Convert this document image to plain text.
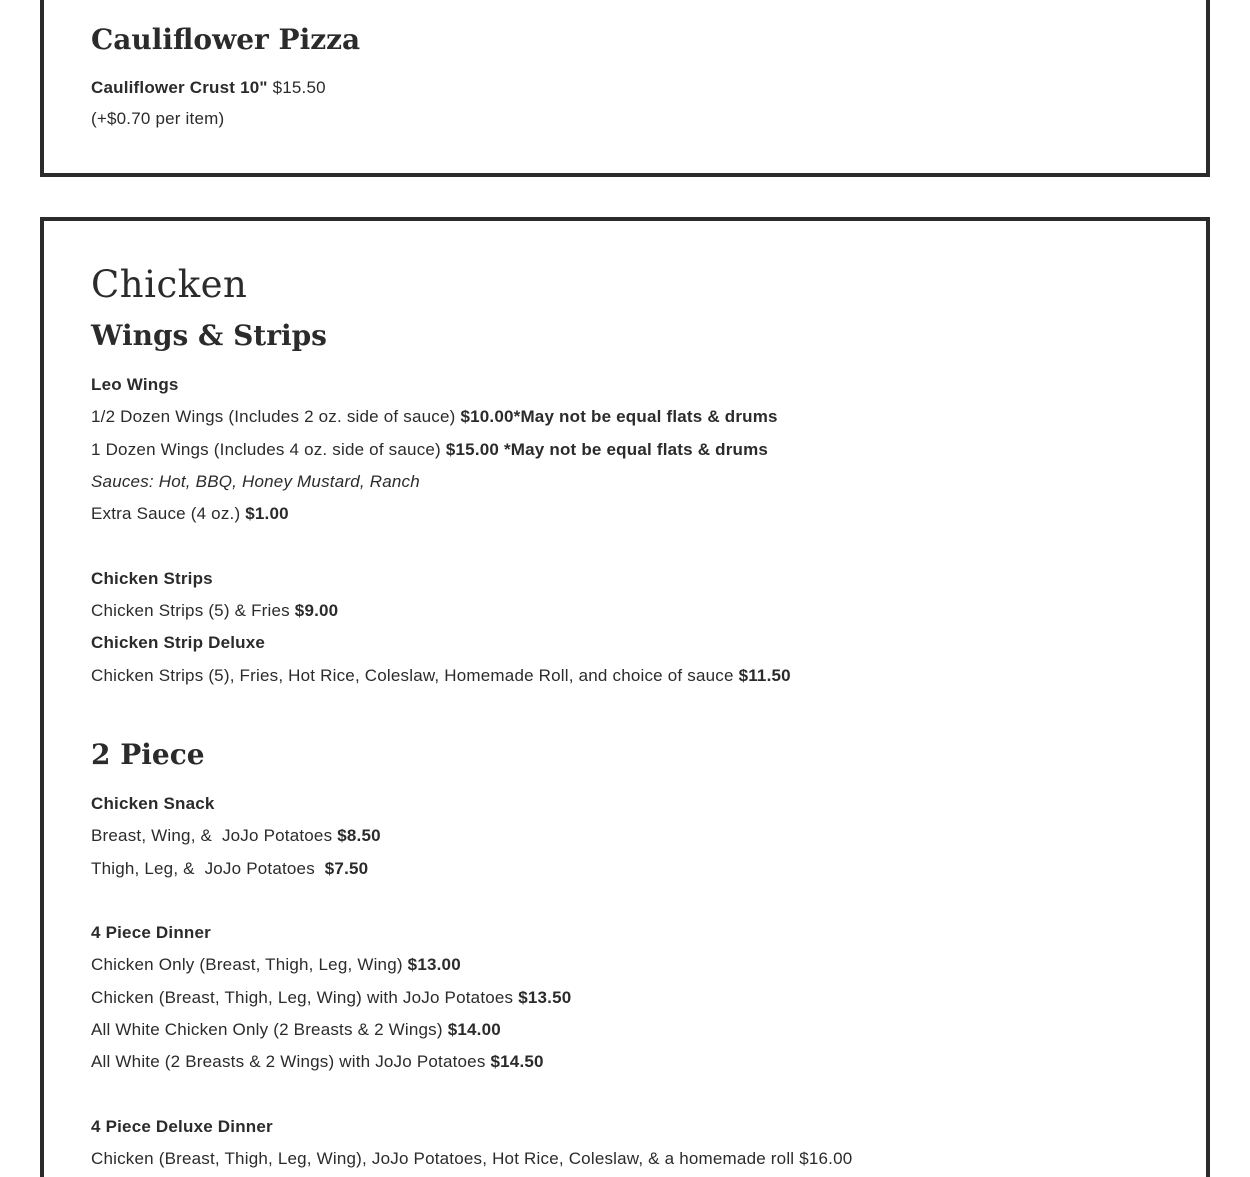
Cauliflower Pizza
Cauliflower Crust 10" $15.50
(+$0.70 per item)
Chicken
Wings & Strips
Leo Wings
1/2 Dozen Wings (Includes 2 oz. side of sauce) $10.00*May not be equal flats & drums
1 Dozen Wings (Includes 4 oz. side of sauce) $15.00 *May not be equal flats & drums
Sauces: Hot, BBQ, Honey Mustard, Ranch
Extra Sauce (4 oz.) $1.00
Chicken Strips
Chicken Strips (5) & Fries $9.00
Chicken Strip Deluxe
Chicken Strips (5), Fries, Hot Rice, Coleslaw, Homemade Roll, and choice of sauce $11.50
2 Piece
Chicken Snack
Breast, Wing, &  JoJo Potatoes $8.50
Thigh, Leg, &  JoJo Potatoes  $7.50
4 Piece Dinner
Chicken Only (Breast, Thigh, Leg, Wing) $13.00
Chicken (Breast, Thigh, Leg, Wing) with JoJo Potatoes $13.50
All White Chicken Only (2 Breasts & 2 Wings) $14.00
All White (2 Breasts & 2 Wings) with JoJo Potatoes $14.50
4 Piece Deluxe Dinner
Chicken (Breast, Thigh, Leg, Wing), JoJo Potatoes, Hot Rice, Coleslaw, & a homemade roll $16.00
